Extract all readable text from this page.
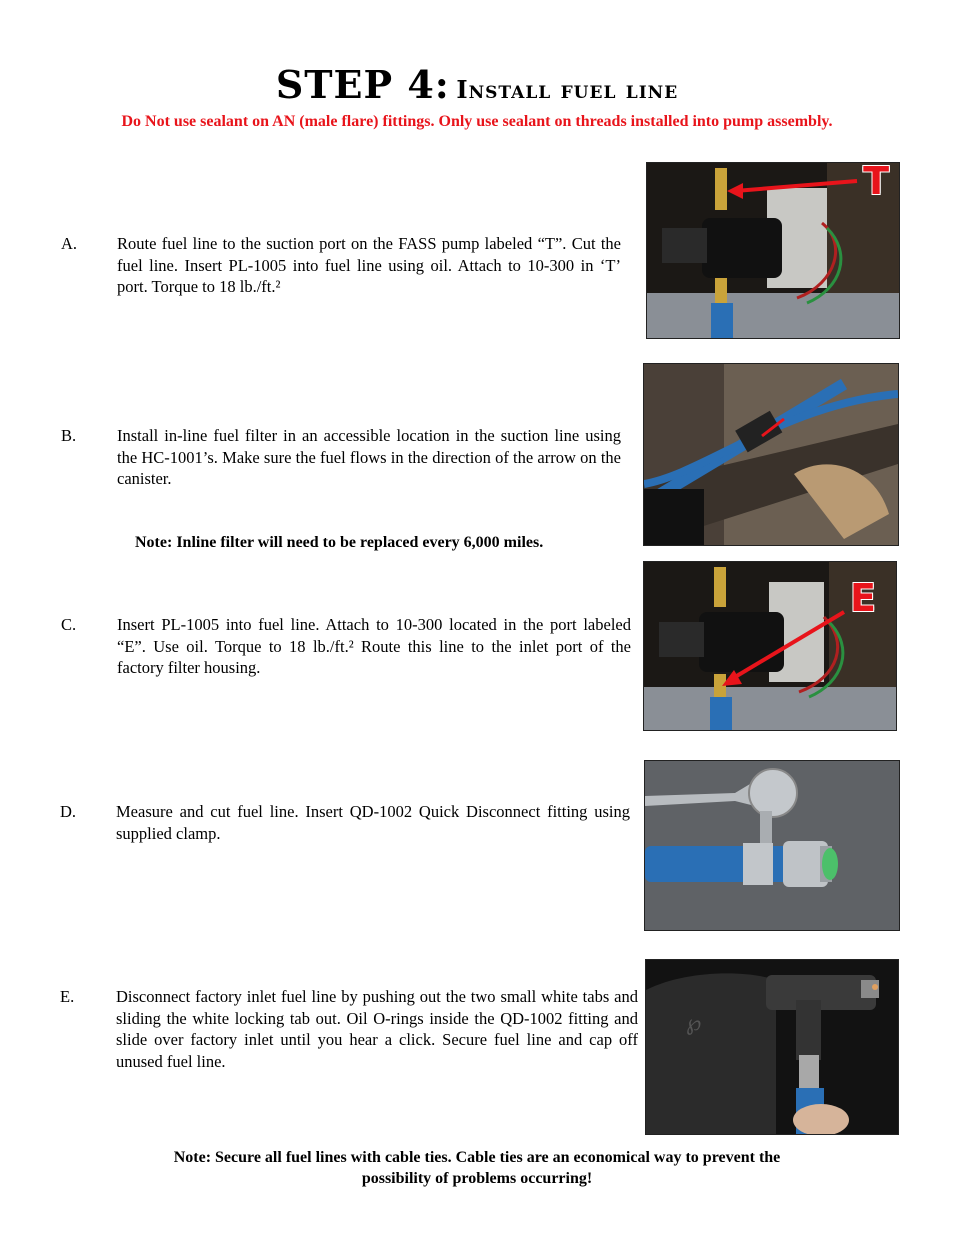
STEP 4: Install fuel line
Do Not use sealant on AN (male flare) fittings. Only use sealant on threads installed into pump assembly.
A. Route fuel line to the suction port on the FASS pump labeled “T”. Cut the fuel line. Insert PL-1005 into fuel line using oil. Attach to 10-300 in ‘T’ port. Torque to 18 lb./ft.²
T
B. Install in-line fuel filter in an accessible location in the suction line using the HC-1001’s. Make sure the fuel flows in the direction of the arrow on the canister.
Note: Inline filter will need to be replaced every 6,000 miles.
C. Insert PL-1005 into fuel line. Attach to 10-300 located in the port labeled “E”. Use oil. Torque to 18 lb./ft.² Route this line to the inlet port of the factory filter housing.
E
D. Measure and cut fuel line. Insert QD-1002 Quick Disconnect fitting using supplied clamp.
E.	Disconnect factory inlet fuel line by pushing out the two small white tabs and sliding the white locking tab out. Oil O-rings inside the QD-1002 fitting and slide over factory inlet until you hear a click. Secure fuel line and cap off unused fuel line.
℘
Note: Secure all fuel lines with cable ties. Cable ties are an economical way to prevent the
possibility of problems occurring!
